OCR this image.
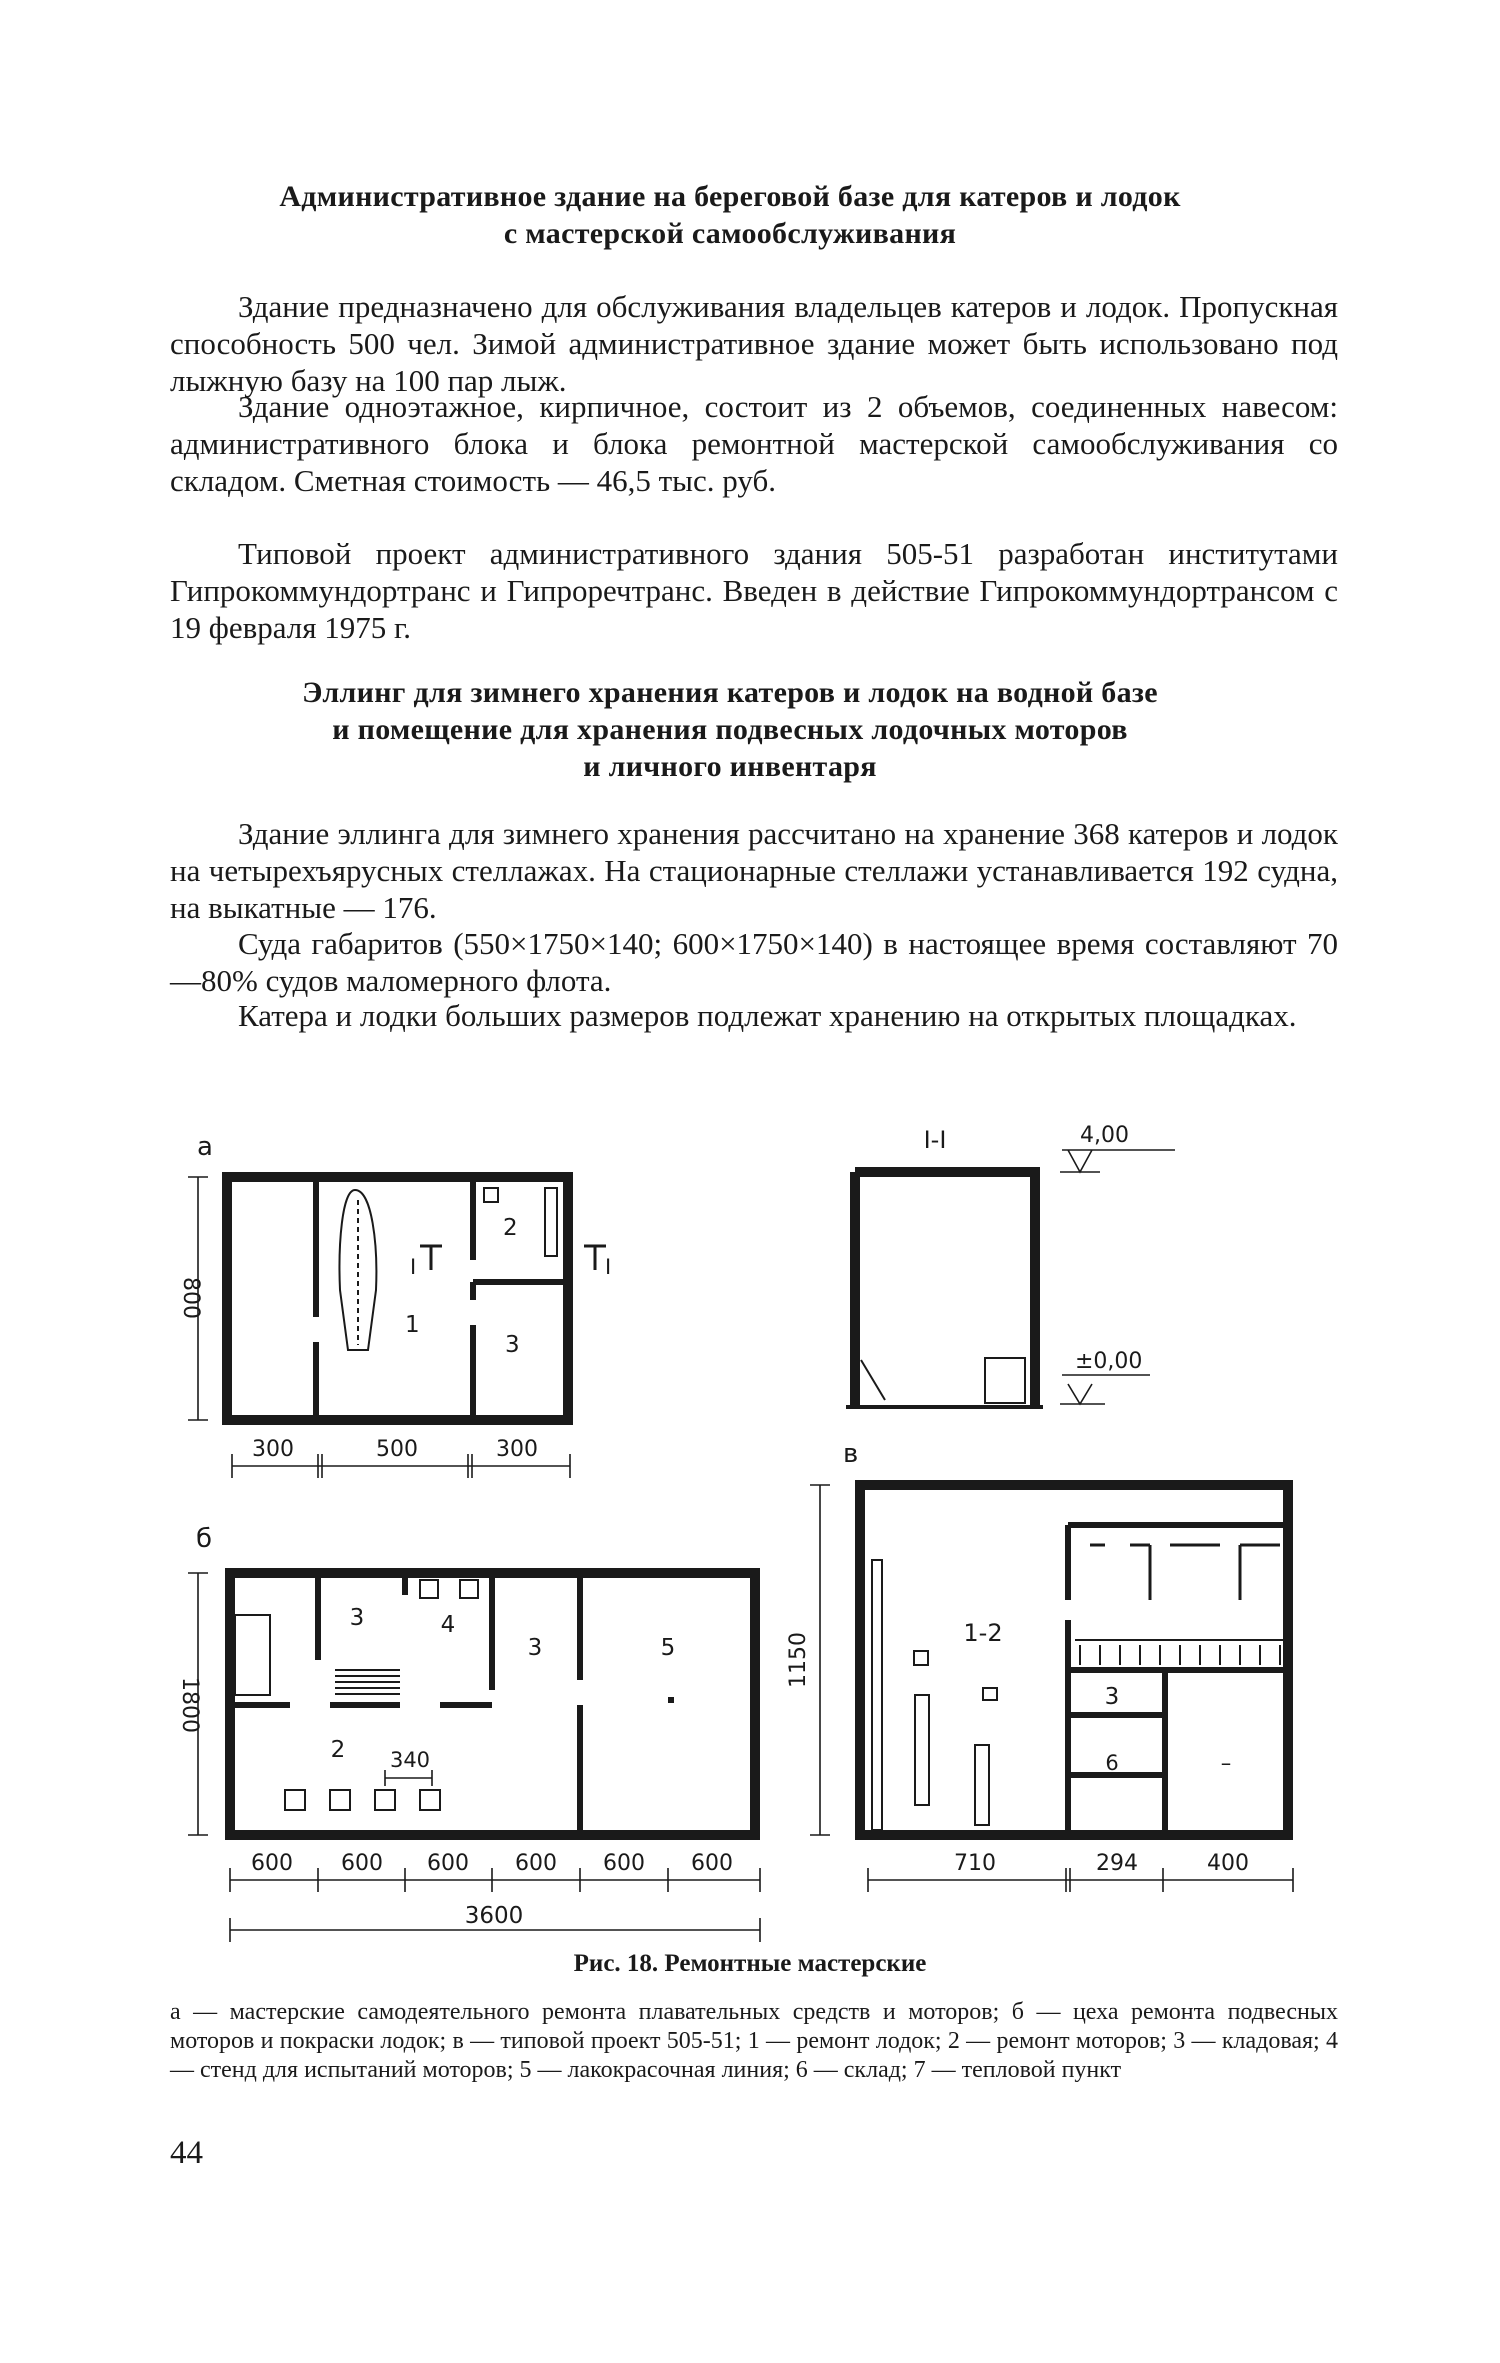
Административное здание на береговой базе для катеров и лодок
с мастерской самообслуживания

Здание предназначено для обслуживания владельцев катеров и лодок. Пропускная способность 500 чел. Зимой административное здание может быть использовано под лыжную базу на 100 пар лыж.

Здание одноэтажное, кирпичное, состоит из 2 объемов, соединенных навесом: административного блока и блока ремонтной мастерской самообслуживания со складом. Сметная стоимость — 46,5 тыс. руб.

Типовой проект административного здания 505-51 разработан институтами Гипрокоммундортранс и Гипроречтранс. Введен в действие Гипрокоммундортрансом с 19 февраля 1975 г.

Эллинг для зимнего хранения катеров и лодок на водной базе
и помещение для хранения подвесных лодочных моторов
и личного инвентаря

Здание эллинга для зимнего хранения рассчитано на хранение 368 катеров и лодок на четырехъярусных стеллажах. На стационарные стеллажи устанавливается 192 судна, на выкатные — 176.

Суда габаритов (550×1750×140; 600×1750×140) в настоящее время составляют 70—80% судов маломерного флота.

Катера и лодки больших размеров подлежат хранению на открытых площадках.

а
2
1
3
I	I
800
300	500	300
I-I	4,00
±0,00
б
3	4
3	5
2 340
1800
600 600 600 600 600 600
3600
в
1-2
3
6	–
1150
710	294	400
Рис. 18. Ремонтные мастерские

а — мастерские самодеятельного ремонта плавательных средств и моторов; б — цеха ремонта подвесных моторов и покраски лодок; в — типовой проект 505-51; 1 — ремонт лодок; 2 — ремонт моторов; 3 — кладовая; 4 — стенд для испытаний моторов; 5 — лакокрасочная линия; 6 — склад; 7 — тепловой пункт

44
